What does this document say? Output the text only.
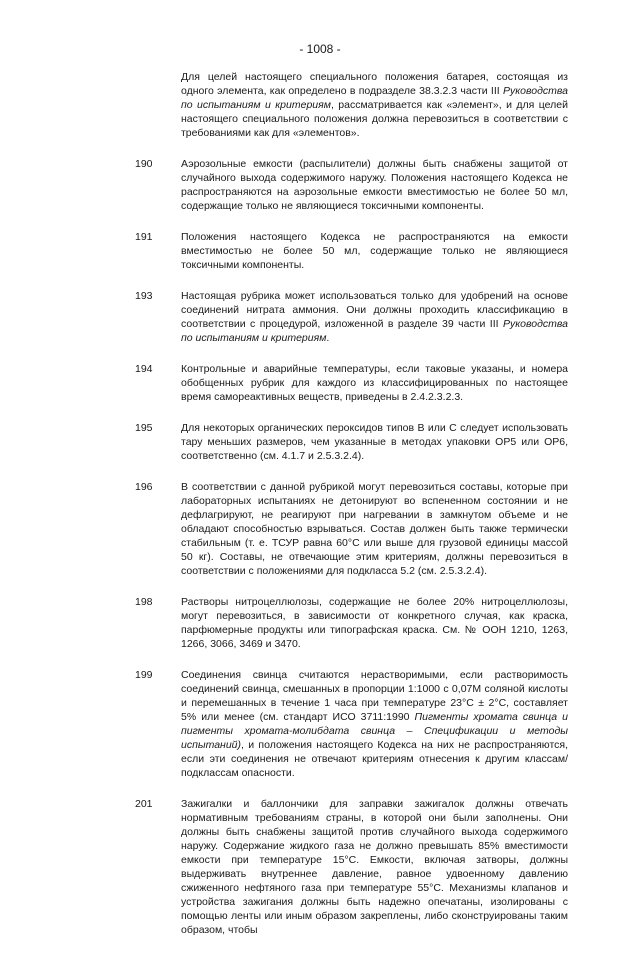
- 1008 -
Для целей настоящего специального положения батарея, состоящая из одного элемента, как определено в подразделе 38.3.2.3 части III Руководства по испытаниям и критериям, рассматривается как «элемент», и для целей настоящего специального положения должна перевозиться в соответствии с требованиями как для «элементов».
190	Аэрозольные емкости (распылители) должны быть снабжены защитой от случайного выхода содержимого наружу. Положения настоящего Кодекса не распространяются на аэрозольные емкости вместимостью не более 50 мл, содержащие только не являющиеся токсичными компоненты.
191	Положения настоящего Кодекса не распространяются на емкости вместимостью не более 50 мл, содержащие только не являющиеся токсичными компоненты.
193	Настоящая рубрика может использоваться только для удобрений на основе соединений нитрата аммония. Они должны проходить классификацию в соответствии с процедурой, изложенной в разделе 39 части III Руководства по испытаниям и критериям.
194	Контрольные и аварийные температуры, если таковые указаны, и номера обобщенных рубрик для каждого из классифицированных по настоящее время самореактивных веществ, приведены в 2.4.2.3.2.3.
195	Для некоторых органических пероксидов типов В или С следует использовать тару меньших размеров, чем указанные в методах упаковки ОР5 или ОР6, соответственно (см. 4.1.7 и 2.5.3.2.4).
196	В соответствии с данной рубрикой могут перевозиться составы, которые при лабораторных испытаниях не детонируют во вспененном состоянии и не дефлагрируют, не реагируют при нагревании в замкнутом объеме и не обладают способностью взрываться. Состав должен быть также термически стабильным (т. е. ТСУР равна 60°С или выше для грузовой единицы массой 50 кг). Составы, не отвечающие этим критериям, должны перевозиться в соответствии с положениями для подкласса 5.2 (см. 2.5.3.2.4).
198	Растворы нитроцеллюлозы, содержащие не более 20% нитроцеллюлозы, могут перевозиться, в зависимости от конкретного случая, как краска, парфюмерные продукты или типографская краска. См. № ООН 1210, 1263, 1266, 3066, 3469 и 3470.
199	Соединения свинца считаются нерастворимыми, если растворимость соединений свинца, смешанных в пропорции 1:1000 с 0,07М соляной кислоты и перемешанных в течение 1 часа при температуре 23°С ± 2°С, составляет 5% или менее (см. стандарт ИСО 3711:1990 Пигменты хромата свинца и пигменты хромата-молибдата свинца – Спецификации и методы испытаний), и положения настоящего Кодекса на них не распространяются, если эти соединения не отвечают критериям отнесения к другим классам/подклассам опасности.
201	Зажигалки и баллончики для заправки зажигалок должны отвечать нормативным требованиям страны, в которой они были заполнены. Они должны быть снабжены защитой против случайного выхода содержимого наружу. Содержание жидкого газа не должно превышать 85% вместимости емкости при температуре 15°С. Емкости, включая затворы, должны выдерживать внутреннее давление, равное удвоенному давлению сжиженного нефтяного газа при температуре 55°С. Механизмы клапанов и устройства зажигания должны быть надежно опечатаны, изолированы с помощью ленты или иным образом закреплены, либо сконструированы таким образом, чтобы
